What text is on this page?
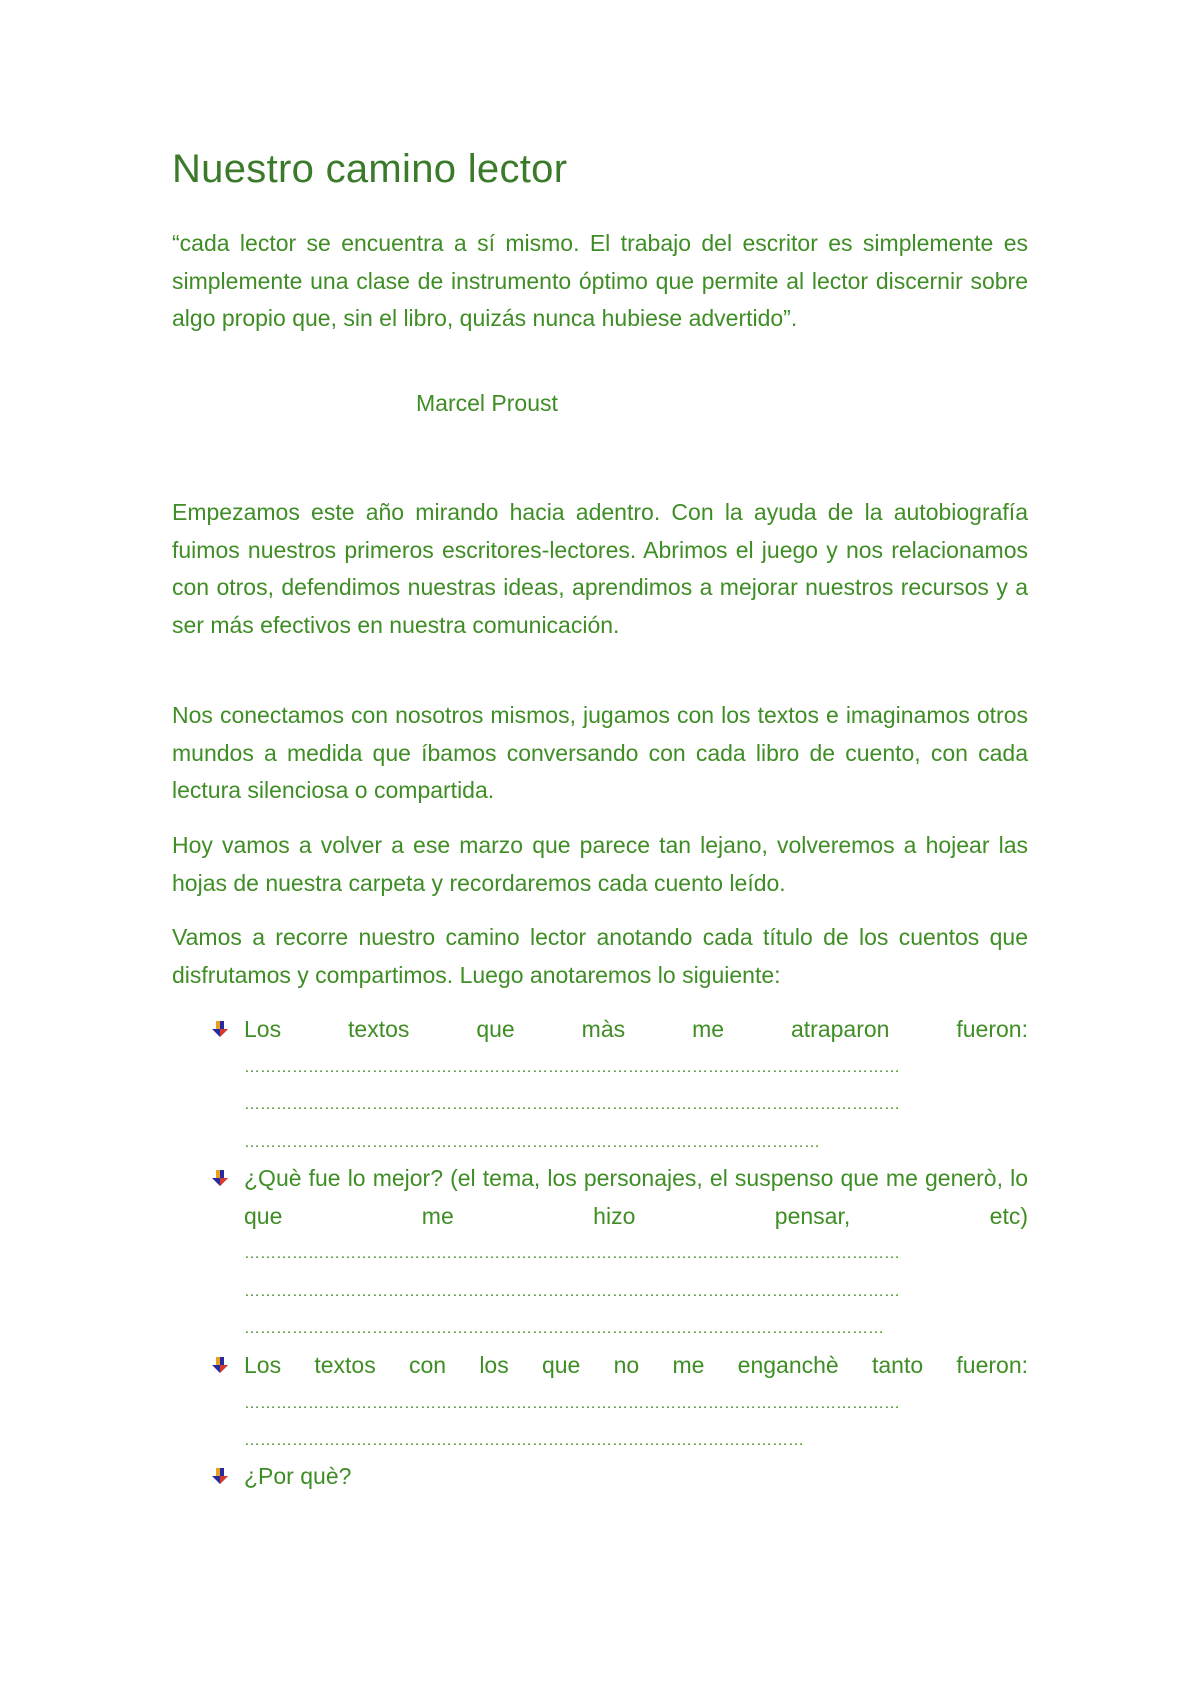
Nuestro camino lector
“cada lector se encuentra a sí mismo. El trabajo del escritor es simplemente es simplemente una clase de instrumento óptimo que permite al lector discernir sobre algo propio que, sin el libro, quizás nunca hubiese advertido”.
Marcel Proust
Empezamos este año mirando hacia adentro. Con la ayuda de la autobiografía fuimos nuestros primeros escritores-lectores. Abrimos el juego y nos relacionamos con otros, defendimos nuestras ideas, aprendimos a mejorar nuestros recursos y a ser más efectivos en nuestra comunicación.
Nos conectamos con nosotros mismos, jugamos con los textos e imaginamos otros mundos a medida que íbamos conversando con cada libro de cuento, con cada lectura silenciosa o compartida.
Hoy vamos a volver a ese marzo que parece tan lejano, volveremos a hojear las hojas de nuestra carpeta y recordaremos cada cuento leído.
Vamos a recorre nuestro camino lector anotando cada título de los cuentos que disfrutamos y compartimos. Luego anotaremos lo siguiente:
Los textos que màs me atraparon fueron:
……………………………………………………………………………………………………………
……………………………………………………………………………………………………………
………………………………………………………………………………………………
¿Què fue lo mejor? (el tema, los personajes, el suspenso que me generò, lo que me hizo pensar, etc)
……………………………………………………………………………………………………………
……………………………………………………………………………………………………………
…………………………………………………………………………………………………………
Los textos con los que no me enganchè tanto fueron:
……………………………………………………………………………………………………………
……………………………………………………………………………………………
¿Por què?
